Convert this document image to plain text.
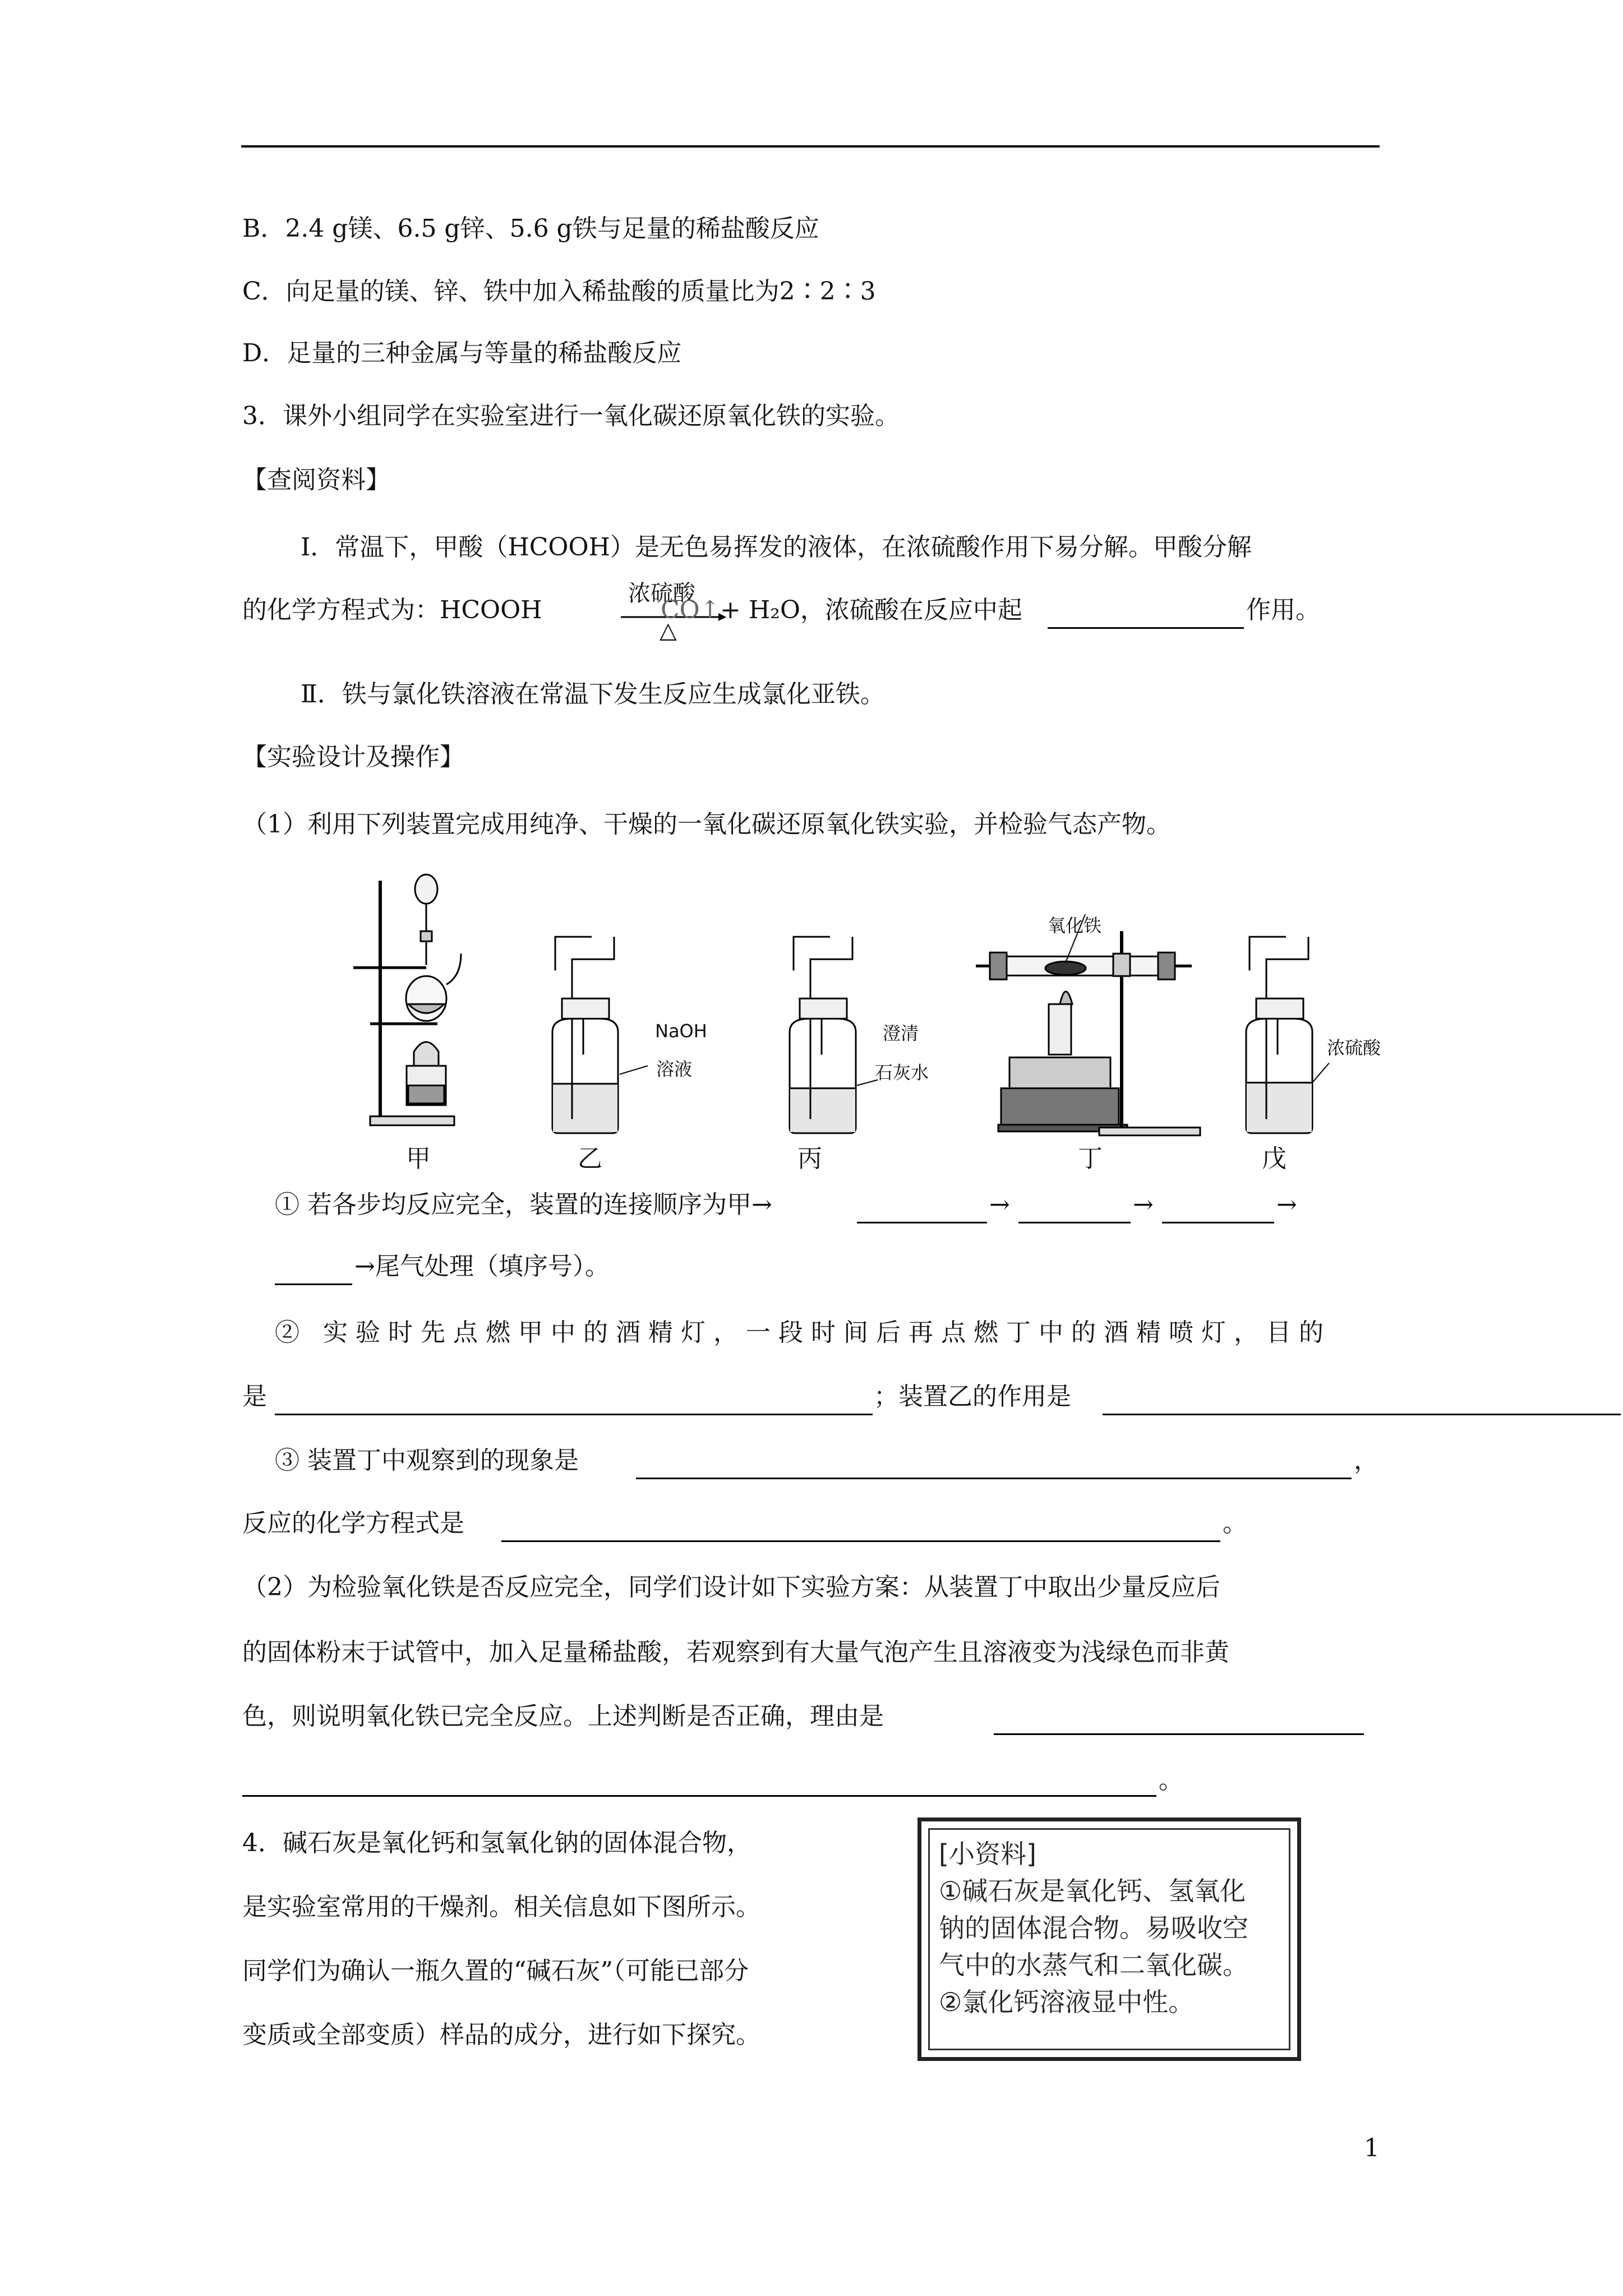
B．2.4 g镁、6.5 g锌、5.6 g铁与足量的稀盐酸反应
C．向足量的镁、锌、铁中加入稀盐酸的质量比为2∶2∶3
D．足量的三种金属与等量的稀盐酸反应
3．课外小组同学在实验室进行一氧化碳还原氧化铁的实验。
【查阅资料】
Ⅰ．常温下，甲酸（HCOOH）是无色易挥发的液体，在浓硫酸作用下易分解。甲酸分解
的化学方程式为：HCOOH
浓硫酸
△
CO↑ + H₂O，浓硫酸在反应中起	作用。
Ⅱ．铁与氯化铁溶液在常温下发生反应生成氯化亚铁。
【实验设计及操作】
（1）利用下列装置完成用纯净、干燥的一氧化碳还原氧化铁实验，并检验气态产物。
NaOH
溶液
澄清
石灰水
氧化铁
浓硫酸
甲	乙	丙	丁	戊
① 若各步均反应完全，装置的连接顺序为甲→	→	→	→
→尾气处理（填序号）。
② 实验时先点燃甲中的酒精灯，一段时间后再点燃丁中的酒精喷灯，目的
是	；装置乙的作用是
③ 装置丁中观察到的现象是	，
反应的化学方程式是	。
（2）为检验氧化铁是否反应完全，同学们设计如下实验方案：从装置丁中取出少量反应后
的固体粉末于试管中，加入足量稀盐酸，若观察到有大量气泡产生且溶液变为浅绿色而非黄
色，则说明氧化铁已完全反应。上述判断是否正确，理由是
。
4．碱石灰是氧化钙和氢氧化钠的固体混合物，
是实验室常用的干燥剂。相关信息如下图所示。
同学们为确认一瓶久置的“碱石灰”（可能已部分
变质或全部变质）样品的成分，进行如下探究。
[小资料]
①碱石灰是氧化钙、氢氧化
钠的固体混合物。易吸收空
气中的水蒸气和二氧化碳。
②氯化钙溶液显中性。
1
